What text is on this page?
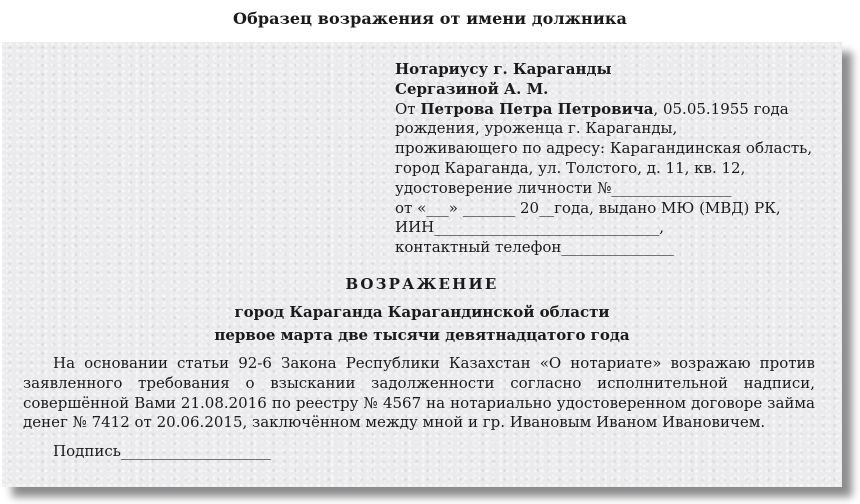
Образец возражения от имени должника
Нотариусу г. Караганды
Сергазиной А. М.
От Петрова Петра Петровича, 05.05.1955 года
рождения, уроженца г. Караганды,
проживающего по адресу: Карагандинская область,
город Караганда, ул. Толстого, д. 11, кв. 12,
удостоверение личности №________________
от «___» _______ 20__года, выдано МЮ (МВД) РК,
ИИН______________________________,
контактный телефон_______________
ВОЗРАЖЕНИЕ
город Караганда Карагандинской области
первое марта две тысячи девятнадцатого года
На основании статьи 92-6 Закона Республики Казахстан «О нотариате» возражаю против заявленного требования о взыскании задолженности согласно исполнительной надписи, совершённой Вами 21.08.2016 по реестру № 4567 на нотариально удостоверенном договоре займа денег № 7412 от 20.06.2015, заключённом между мной и гр. Ивановым Иваном Ивановичем.
Подпись____________________
